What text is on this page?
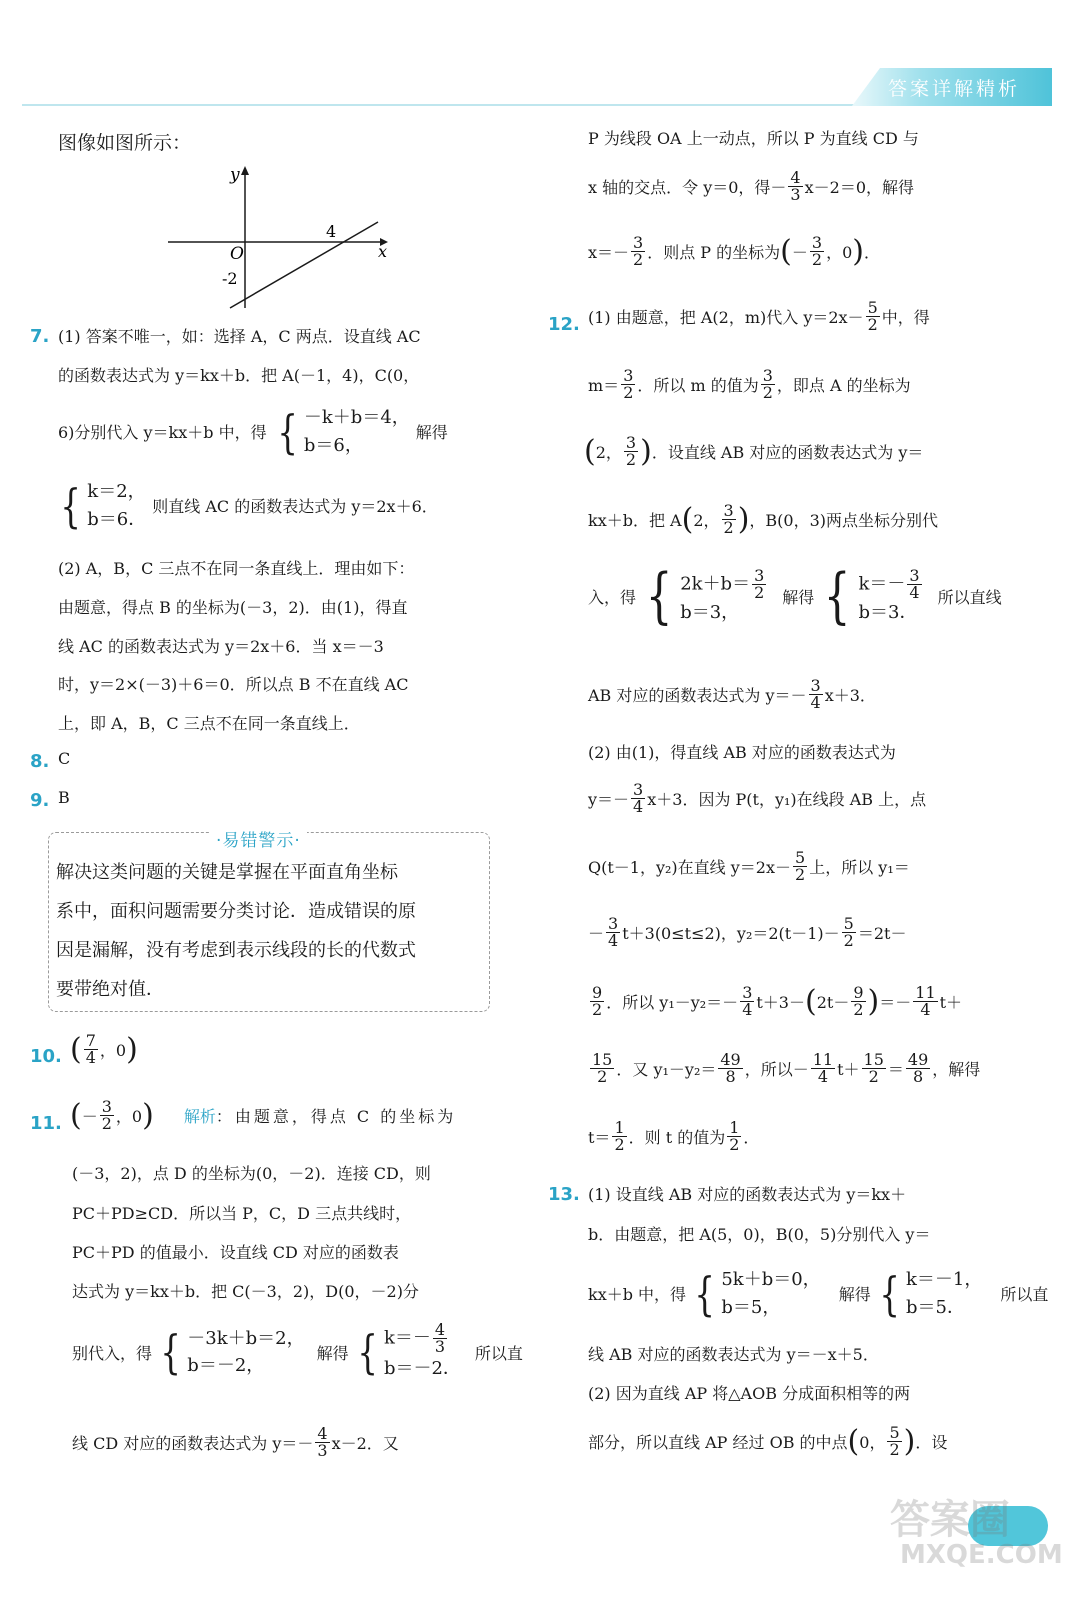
答案详解精析
图像如图所示：
y
x
O
4
-2
7. (1) 答案不唯一，如：选择 A，C 两点．设直线 AC
的函数表达式为 y＝kx＋b．把 A(－1，4)，C(0，
6)分别代入 y＝kx＋b 中，得 { －k＋b＝4，
b＝6，
解得
{ k＝2，
b＝6．
则直线 AC 的函数表达式为 y＝2x＋6．
(2) A，B，C 三点不在同一条直线上．理由如下：
由题意，得点 B 的坐标为(－3，2)．由(1)，得直
线 AC 的函数表达式为 y＝2x＋6．当 x＝－3
时，y＝2×(－3)＋6＝0．所以点 B 不在直线 AC
上，即 A，B，C 三点不在同一条直线上．
8. C
9. B
·易错警示·
解决这类问题的关键是掌握在平面直角坐标
系中，面积问题需要分类讨论．造成错误的原
因是漏解，没有考虑到表示线段的长的代数式
要带绝对值．
10. ( $\frac{7}{4}$ ，0 )
11. ( － $\frac{3}{2}$ ，0 ) 解析 ：由题意，得点 C 的坐标为
(－3，2)，点 D 的坐标为(0，－2)．连接 CD，则
PC＋PD≥CD．所以当 P，C，D 三点共线时，
PC＋PD 的值最小．设直线 CD 对应的函数表
达式为 y＝kx＋b．把 C(－3，2)，D(0，－2)分
别代入，得 { －3k＋b＝2，
b＝－2，
解得 { $k=- \frac{4}{3}$
b＝－2．
所以直
线 CD 对应的函数表达式为 $y=- \frac{4}{3} x-2$．又
P 为线段 OA 上一动点，所以 P 为直线 CD 与
x 轴的交点．令 y＝0，得－ $\frac{4}{3} x-2=0$，解得
$x=- \frac{3}{2}$ ．则点 P 的坐标为 ( － $\frac{3}{2}$ ，0 ) ．
12. (1) 由题意，把 A(2，m)代入 $y=2x- \frac{5}{2}$ 中，得
$m= \frac{3}{2}$ ．所以 m 的值为 $\frac{3}{2}$ ，即点 A 的坐标为
( 2， $\frac{3}{2}$ ) ．设直线 AB 对应的函数表达式为 y＝
kx＋b．把 A ( 2， $\frac{3}{2}$ ) ，B(0，3)两点坐标分别代
入，得 { $2k+b= \frac{3}{2}$
b＝3，
解得 { $k=- \frac{3}{4}$
b＝3．
所以直线
AB 对应的函数表达式为 $y=- \frac{3}{4} x+3$．
(2) 由(1)，得直线 AB 对应的函数表达式为
$y=- \frac{3}{4} x+3$．因为 P(t，y₁)在线段 AB 上，点
Q(t－1，y₂)在直线 $y=2x- \frac{5}{2}$ 上，所以 y₁＝
－ $\frac{3}{4} t+3(0\le t\le 2)$，$y_2=2(t-1)- \frac{5}{2} =2t-$
$\frac{9}{2}$ ．所以 $y_1-y_2=- \frac{3}{4} t+3-$ ( $2t- \frac{9}{2}$ ) ＝－ $\frac{11}{4} t+$
$\frac{15}{2}$ ．又 $y_1-y_2= \frac{49}{8}$ ，所以－ $\frac{11}{4} t+ \frac{15}{2} = \frac{49}{8}$ ，解得
$t= \frac{1}{2}$ ．则 t 的值为 $\frac{1}{2}$ ．
13. (1) 设直线 AB 对应的函数表达式为 y＝kx＋
b．由题意，把 A(5，0)，B(0，5)分别代入 y＝
kx＋b 中，得 { 5k＋b＝0，
b＝5，
解得 { k＝－1，
b＝5．
所以直
线 AB 对应的函数表达式为 y＝－x＋5．
(2) 因为直线 AP 将△AOB 分成面积相等的两
部分，所以直线 AP 经过 OB 的中点 ( 0， $\frac{5}{2}$ ) ．设
答案圈
MXQE.COM
